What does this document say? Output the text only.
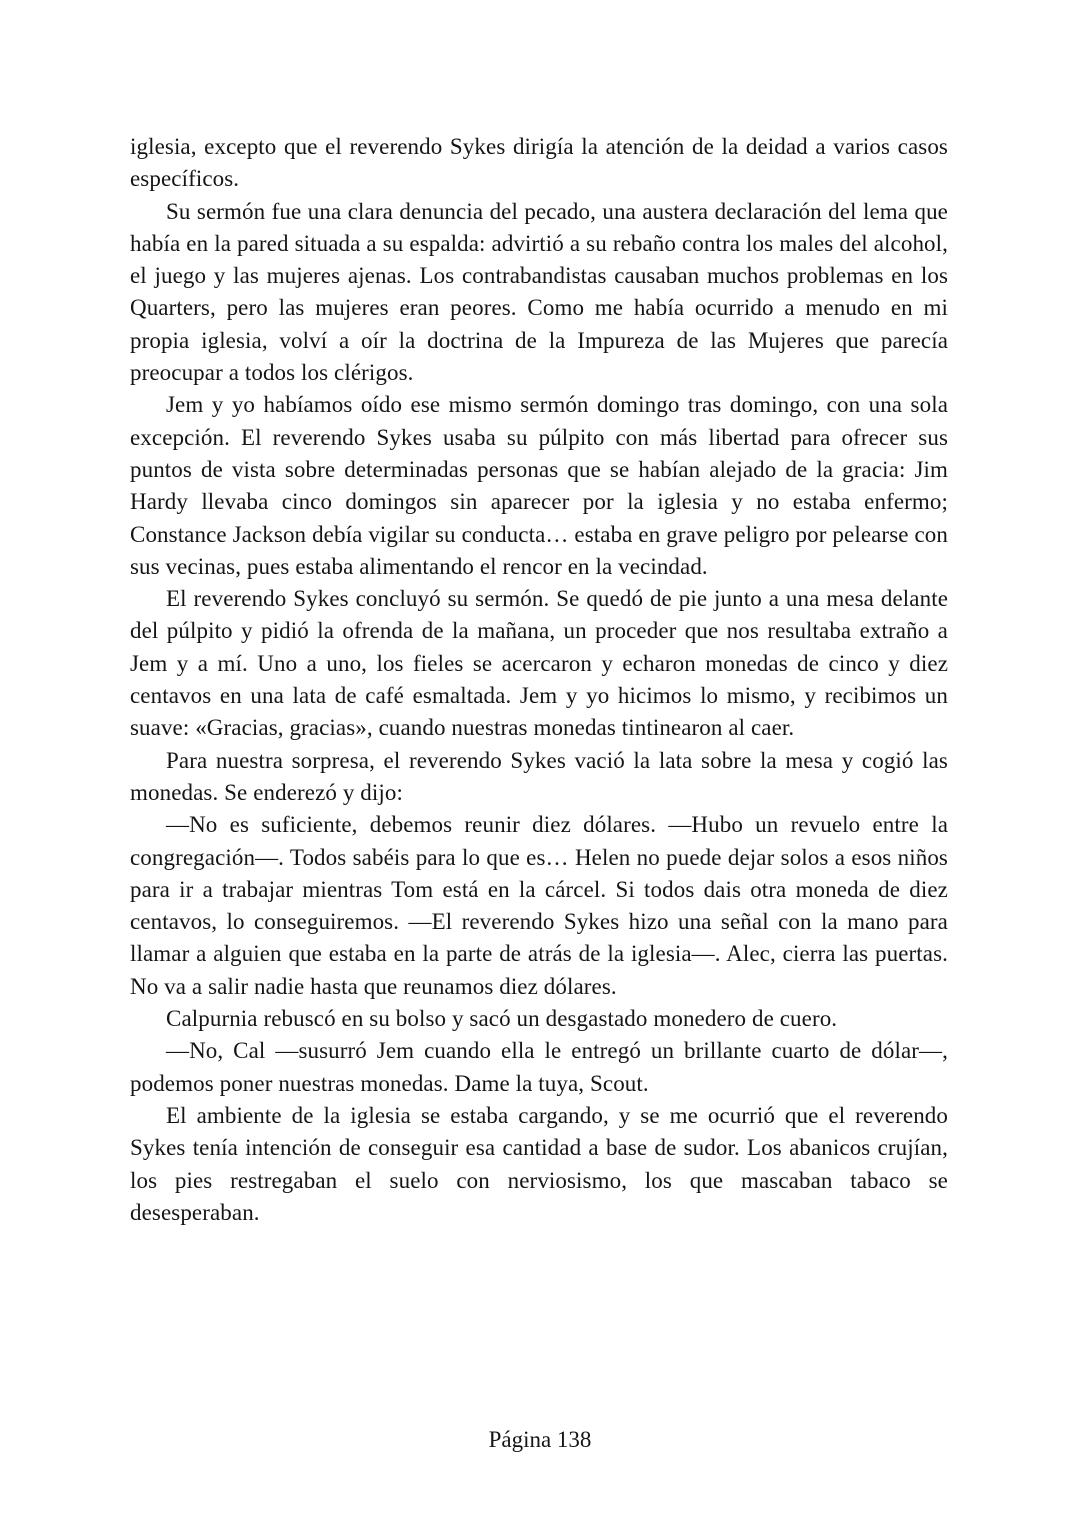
iglesia, excepto que el reverendo Sykes dirigía la atención de la deidad a varios casos específicos.

Su sermón fue una clara denuncia del pecado, una austera declaración del lema que había en la pared situada a su espalda: advirtió a su rebaño contra los males del alcohol, el juego y las mujeres ajenas. Los contrabandistas causaban muchos problemas en los Quarters, pero las mujeres eran peores. Como me había ocurrido a menudo en mi propia iglesia, volví a oír la doctrina de la Impureza de las Mujeres que parecía preocupar a todos los clérigos.

Jem y yo habíamos oído ese mismo sermón domingo tras domingo, con una sola excepción. El reverendo Sykes usaba su púlpito con más libertad para ofrecer sus puntos de vista sobre determinadas personas que se habían alejado de la gracia: Jim Hardy llevaba cinco domingos sin aparecer por la iglesia y no estaba enfermo; Constance Jackson debía vigilar su conducta… estaba en grave peligro por pelearse con sus vecinas, pues estaba alimentando el rencor en la vecindad.

El reverendo Sykes concluyó su sermón. Se quedó de pie junto a una mesa delante del púlpito y pidió la ofrenda de la mañana, un proceder que nos resultaba extraño a Jem y a mí. Uno a uno, los fieles se acercaron y echaron monedas de cinco y diez centavos en una lata de café esmaltada. Jem y yo hicimos lo mismo, y recibimos un suave: «Gracias, gracias», cuando nuestras monedas tintinearon al caer.

Para nuestra sorpresa, el reverendo Sykes vació la lata sobre la mesa y cogió las monedas. Se enderezó y dijo:

—No es suficiente, debemos reunir diez dólares. —Hubo un revuelo entre la congregación—. Todos sabéis para lo que es… Helen no puede dejar solos a esos niños para ir a trabajar mientras Tom está en la cárcel. Si todos dais otra moneda de diez centavos, lo conseguiremos. —El reverendo Sykes hizo una señal con la mano para llamar a alguien que estaba en la parte de atrás de la iglesia—. Alec, cierra las puertas. No va a salir nadie hasta que reunamos diez dólares.

Calpurnia rebuscó en su bolso y sacó un desgastado monedero de cuero.

—No, Cal —susurró Jem cuando ella le entregó un brillante cuarto de dólar—, podemos poner nuestras monedas. Dame la tuya, Scout.

El ambiente de la iglesia se estaba cargando, y se me ocurrió que el reverendo Sykes tenía intención de conseguir esa cantidad a base de sudor. Los abanicos crujían, los pies restregaban el suelo con nerviosismo, los que mascaban tabaco se desesperaban.

Página 138
